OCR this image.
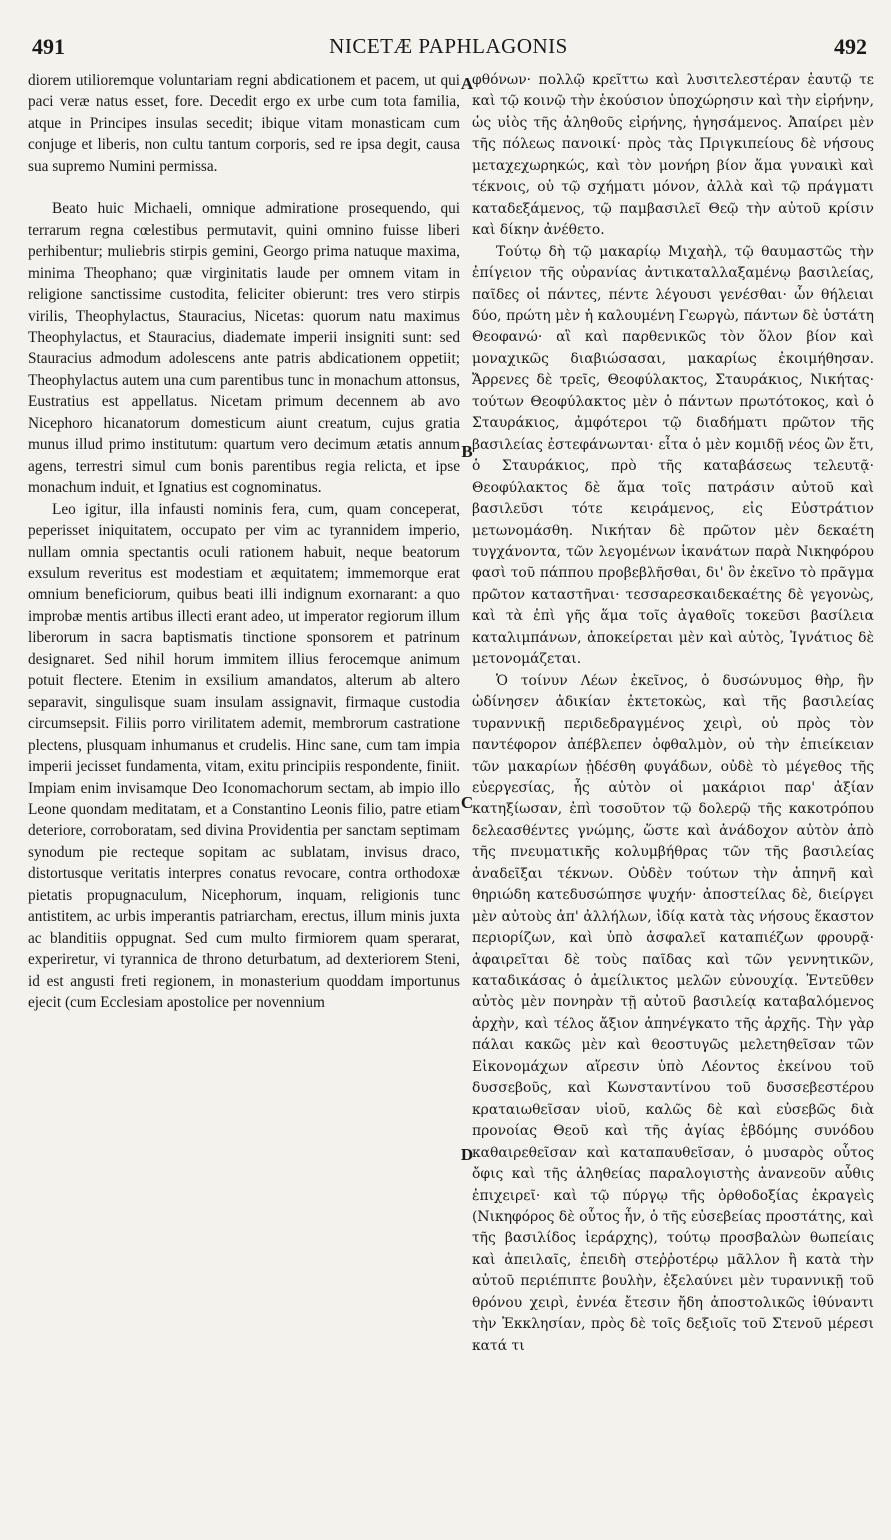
491	NICETÆ PAPHLAGONIS	492

diorem utilioremque voluntariam regni abdicationem et pacem, ut qui paci veræ natus esset, fore. Decedit ergo ex urbe cum tota familia, atque in Principes insulas secedit; ibique vitam monasticam cum conjuge et liberis, non cultu tantum corporis, sed re ipsa degit, causa sua supremo Numini permissa.

Beato huic Michaeli, omnique admiratione prosequendo, qui terrarum regna cœlestibus permutavit, quini omnino fuisse liberi perhibentur; muliebris stirpis gemini, Georgo prima natuque maxima, minima Theophano; quæ virginitatis laude per omnem vitam in religione sanctissime custodita, feliciter obierunt: tres vero stirpis virilis, Theophylactus, Stauracius, Nicetas: quorum natu maximus Theophylactus, et Stauracius, diademate imperii insigniti sunt: sed Stauracius admodum adolescens ante patris abdicationem oppetiit; Theophylactus autem una cum parentibus tunc in monachum attonsus, Eustratius est appellatus. Nicetam primum decennem ab avo Nicephoro hicanatorum domesticum aiunt creatum, cujus gratia munus illud primo institutum: quartum vero decimum ætatis annum agens, terrestri simul cum bonis parentibus regia relicta, et ipse monachum induit, et Ignatius est cognominatus.

Leo igitur, illa infausti nominis fera, cum, quam conceperat, peperisset iniquitatem, occupato per vim ac tyrannidem imperio, nullam omnia spectantis oculi rationem habuit, neque beatorum exsulum reveritus est modestiam et æquitatem; immemorque erat omnium beneficiorum, quibus beati illi indignum exornarant: a quo improbæ mentis artibus illecti erant adeo, ut imperator regiorum illum liberorum in sacra baptismatis tinctione sponsorem et patrinum designaret. Sed nihil horum immitem illius ferocemque animum potuit flectere. Etenim in exsilium amandatos, alterum ab altero separavit, singulisque suam insulam assignavit, firmaque custodia circumsepsit. Filiis porro virilitatem ademit, membrorum castratione plectens, plusquam inhumanus et crudelis. Hinc sane, cum tam impia imperii jecisset fundamenta, vitam, exitu principiis respondente, finiit. Impiam enim invisamque Deo Iconomachorum sectam, ab impio illo Leone quondam meditatam, et a Constantino Leonis filio, patre etiam deteriore, corroboratam, sed divina Providentia per sanctam septimam synodum pie recteque sopitam ac sublatam, invisus draco, distortusque veritatis interpres conatus revocare, contra orthodoxæ pietatis propugnaculum, Nicephorum, inquam, religionis tunc antistitem, ac urbis imperantis patriarcham, erectus, illum minis juxta ac blanditiis oppugnat. Sed cum multo firmiorem quam sperarat, experiretur, vi tyrannica de throno deturbatum, ad dexteriorem Steni, id est angusti freti regionem, in monasterium quoddam importunus ejecit (cum Ecclesiam apostolice per novennium

A
B
C
D

φθόνων· πολλῷ κρεῖττω καὶ λυσιτελεστέραν ἑαυτῷ τε καὶ τῷ κοινῷ τὴν ἑκούσιον ὑποχώρησιν καὶ τὴν εἰρήνην, ὡς υἱὸς τῆς ἀληθοῦς εἰρήνης, ἡγησάμενος. Ἀπαίρει μὲν τῆς πόλεως πανοικί· πρὸς τὰς Πριγκιπείους δὲ νήσους μεταχεχωρηκώς, καὶ τὸν μονήρη βίον ἅμα γυναικὶ καὶ τέκνοις, οὐ τῷ σχήματι μόνον, ἀλλὰ καὶ τῷ πράγματι καταδεξάμενος, τῷ παμβασιλεῖ Θεῷ τὴν αὐτοῦ κρίσιν καὶ δίκην ἀνέθετο.

Τούτῳ δὴ τῷ μακαρίῳ Μιχαὴλ, τῷ θαυμαστῶς τὴν ἐπίγειον τῆς οὐρανίας ἀντικαταλλαξαμένῳ βασιλείας, παῖδες οἱ πάντες, πέντε λέγουσι γενέσθαι· ὧν θήλειαι δύο, πρώτη μὲν ἡ καλουμένη Γεωργὼ, πάντων δὲ ὑστάτη Θεοφανώ· αἳ καὶ παρθενικῶς τὸν ὅλον βίον καὶ μοναχικῶς διαβιώσασαι, μακαρίως ἐκοιμήθησαν. Ἄρρενες δὲ τρεῖς, Θεοφύλακτος, Σταυράκιος, Νικήτας· τούτων Θεοφύλακτος μὲν ὁ πάντων πρωτότοκος, καὶ ὁ Σταυράκιος, ἀμφότεροι τῷ διαδήματι πρῶτον τῆς βασιλείας ἐστεφάνωνται· εἶτα ὁ μὲν κομιδῇ νέος ὢν ἔτι, ὁ Σταυράκιος, πρὸ τῆς καταβάσεως τελευτᾷ· Θεοφύλακτος δὲ ἅμα τοῖς πατράσιν αὐτοῦ καὶ βασιλεῦσι τότε κειράμενος, εἰς Εὐστράτιον μετωνομάσθη. Νικήταν δὲ πρῶτον μὲν δεκαέτη τυγχάνοντα, τῶν λεγομένων ἱκανάτων παρὰ Νικηφόρου φασὶ τοῦ πάππου προβεβλῆσθαι, δι' ὃν ἐκεῖνο τὸ πρᾶγμα πρῶτον καταστῆναι· τεσσαρεσκαιδεκαέτης δὲ γεγονὼς, καὶ τὰ ἐπὶ γῆς ἅμα τοῖς ἀγαθοῖς τοκεῦσι βασίλεια καταλιμπάνων, ἀποκείρεται μὲν καὶ αὐτὸς, Ἰγνάτιος δὲ μετονομάζεται.

Ὁ τοίνυν Λέων ἐκεῖνος, ὁ δυσώνυμος θὴρ, ἣν ὠδίνησεν ἀδικίαν ἐκτετοκὼς, καὶ τῆς βασιλείας τυραννικῇ περιδεδραγμένος χειρὶ, οὐ πρὸς τὸν παντέφορον ἀπέβλεπεν ὀφθαλμὸν, οὐ τὴν ἐπιείκειαν τῶν μακαρίων ᾐδέσθη φυγάδων, οὐδὲ τὸ μέγεθος τῆς εὐεργεσίας, ἧς αὐτὸν οἱ μακάριοι παρ' ἀξίαν κατηξίωσαν, ἐπὶ τοσοῦτον τῷ δολερῷ τῆς κακοτρόπου δελεασθέντες γνώμης, ὥστε καὶ ἀνάδοχον αὐτὸν ἀπὸ τῆς πνευματικῆς κολυμβήθρας τῶν τῆς βασιλείας ἀναδεῖξαι τέκνων. Οὐδὲν τούτων τὴν ἀπηνῆ καὶ θηριώδη κατεδυσώπησε ψυχήν· ἀποστείλας δὲ, διείργει μὲν αὐτοὺς ἀπ' ἀλλήλων, ἰδίᾳ κατὰ τὰς νήσους ἕκαστον περιορίζων, καὶ ὑπὸ ἀσφαλεῖ καταπιέζων φρουρᾷ· ἀφαιρεῖται δὲ τοὺς παῖδας καὶ τῶν γεννητικῶν, καταδικάσας ὁ ἀμείλικτος μελῶν εὐνουχίᾳ. Ἐντεῦθεν αὐτὸς μὲν πονηρὰν τῇ αὐτοῦ βασιλείᾳ καταβαλόμενος ἀρχὴν, καὶ τέλος ἄξιον ἀπηνέγκατο τῆς ἀρχῆς. Τὴν γὰρ πάλαι κακῶς μὲν καὶ θεοστυγῶς μελετηθεῖσαν τῶν Εἰκονομάχων αἵρεσιν ὑπὸ Λέοντος ἐκείνου τοῦ δυσσεβοῦς, καὶ Κωνσταντίνου τοῦ δυσσεβεστέρου κραταιωθεῖσαν υἱοῦ, καλῶς δὲ καὶ εὐσεβῶς διὰ προνοίας Θεοῦ καὶ τῆς ἁγίας ἑβδόμης συνόδου καθαιρεθεῖσαν καὶ καταπαυθεῖσαν, ὁ μυσαρὸς οὗτος ὄφις καὶ τῆς ἀληθείας παραλογιστὴς ἀνανεοῦν αὖθις ἐπιχειρεῖ· καὶ τῷ πύργῳ τῆς ὀρθοδοξίας ἐκραγεὶς (Νικηφόρος δὲ οὗτος ἦν, ὁ τῆς εὐσεβείας προστάτης, καὶ τῆς βασιλίδος ἱεράρχης), τούτῳ προσβαλὼν θωπείαις καὶ ἀπειλαῖς, ἐπειδὴ στεῤῥοτέρῳ μᾶλλον ἢ κατὰ τὴν αὐτοῦ περιέπιπτε βουλὴν, ἐξελαύνει μὲν τυραννικῇ τοῦ θρόνου χειρὶ, ἐννέα ἔτεσιν ἤδη ἀποστολικῶς ἰθύναντι τὴν Ἐκκλησίαν, πρὸς δὲ τοῖς δεξιοῖς τοῦ Στενοῦ μέρεσι κατά τι
